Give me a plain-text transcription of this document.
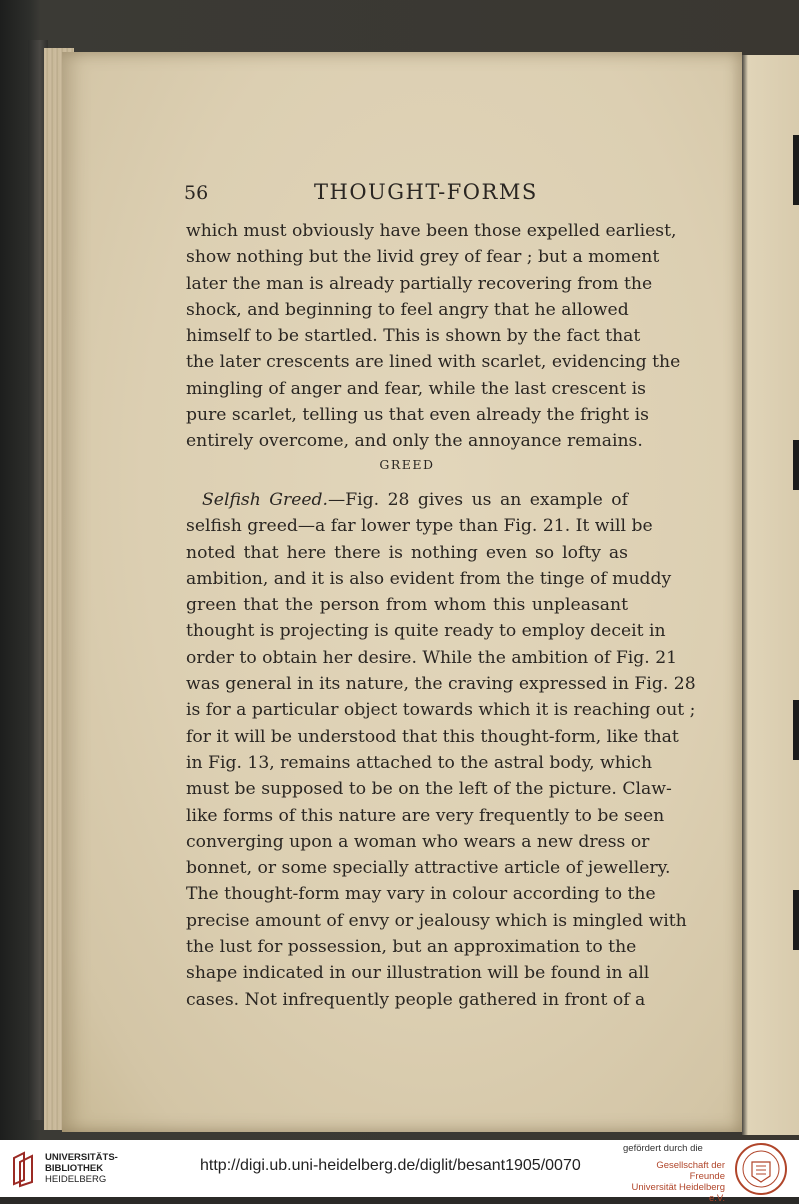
56	THOUGHT-FORMS
which must obviously have been those expelled earliest,
show nothing but the livid grey of fear ; but a moment
later the man is already partially recovering from the
shock, and beginning to feel angry that he allowed
himself to be startled. This is shown by the fact that
the later crescents are lined with scarlet, evidencing the
mingling of anger and fear, while the last crescent is
pure scarlet, telling us that even already the fright is
entirely overcome, and only the annoyance remains.
GREED
Selfish Greed.—Fig. 28 gives us an example of
selfish greed—a far lower type than Fig. 21. It will be
noted that here there is nothing even so lofty as
ambition, and it is also evident from the tinge of muddy
green that the person from whom this unpleasant
thought is projecting is quite ready to employ deceit in
order to obtain her desire. While the ambition of Fig. 21
was general in its nature, the craving expressed in Fig. 28
is for a particular object towards which it is reaching out ;
for it will be understood that this thought-form, like that
in Fig. 13, remains attached to the astral body, which
must be supposed to be on the left of the picture. Claw-
like forms of this nature are very frequently to be seen
converging upon a woman who wears a new dress or
bonnet, or some specially attractive article of jewellery.
The thought-form may vary in colour according to the
precise amount of envy or jealousy which is mingled with
the lust for possession, but an approximation to the
shape indicated in our illustration will be found in all
cases. Not infrequently people gathered in front of a
UNIVERSITÄTS-
BIBLIOTHEK
HEIDELBERG
http://digi.ub.uni-heidelberg.de/diglit/besant1905/0070
gefördert durch die
Gesellschaft der Freunde
Universität Heidelberg e.V.
